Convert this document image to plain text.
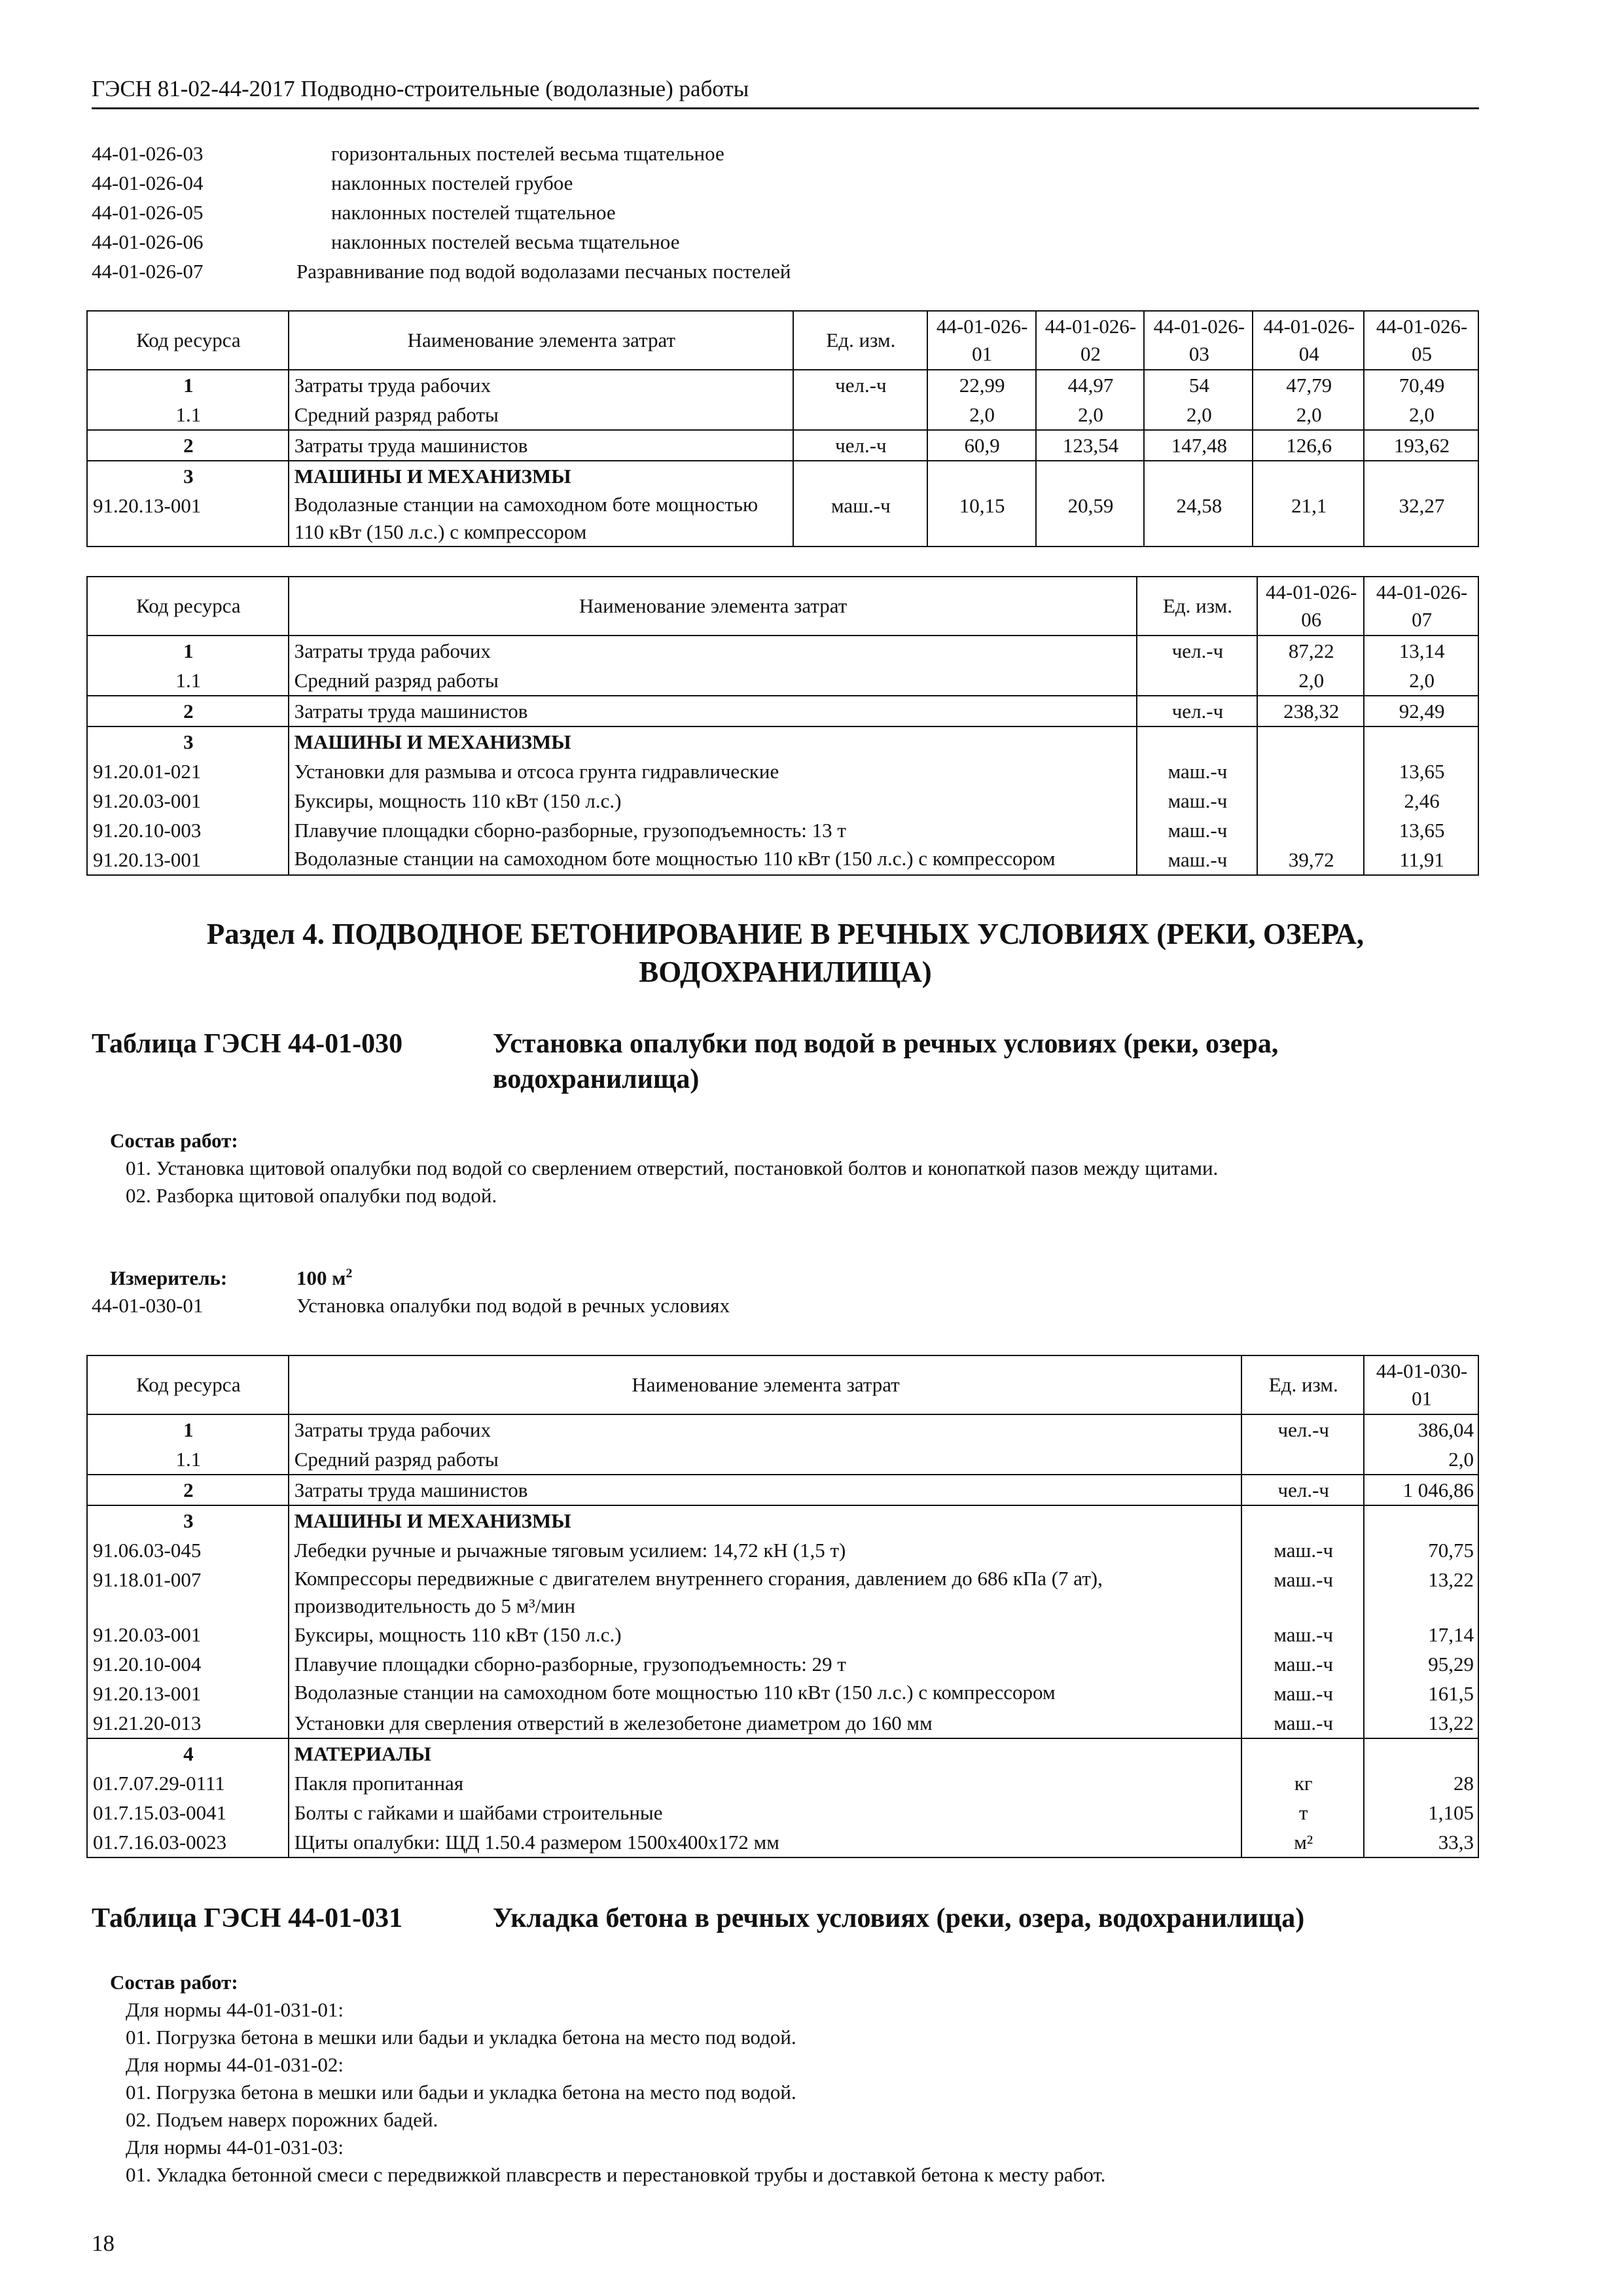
ГЭСН 81-02-44-2017 Подводно-строительные (водолазные) работы
44-01-026-03	горизонтальных постелей весьма тщательное
44-01-026-04	наклонных постелей грубое
44-01-026-05	наклонных постелей тщательное
44-01-026-06	наклонных постелей весьма тщательное
44-01-026-07	Разравнивание под водой водолазами песчаных постелей
Код ресурса	Наименование элемента затрат	Ед. изм.	44-01-026-01	44-01-026-02	44-01-026-03	44-01-026-04	44-01-026-05
1	Затраты труда рабочих	чел.-ч	22,99	44,97	54	47,79	70,49
1.1	Средний разряд работы		2,0	2,0	2,0	2,0	2,0
2	Затраты труда машинистов	чел.-ч	60,9	123,54	147,48	126,6	193,62
3	МАШИНЫ И МЕХАНИЗМЫ						
91.20.13-001	Водолазные станции на самоходном боте мощностью 110 кВт (150 л.с.) с компрессором	маш.-ч	10,15	20,59	24,58	21,1	32,27
Код ресурса	Наименование элемента затрат	Ед. изм.	44-01-026-06	44-01-026-07
1	Затраты труда рабочих	чел.-ч	87,22	13,14
1.1	Средний разряд работы		2,0	2,0
2	Затраты труда машинистов	чел.-ч	238,32	92,49
3	МАШИНЫ И МЕХАНИЗМЫ			
91.20.01-021	Установки для размыва и отсоса грунта гидравлические	маш.-ч		13,65
91.20.03-001	Буксиры, мощность 110 кВт (150 л.с.)	маш.-ч		2,46
91.20.10-003	Плавучие площадки сборно-разборные, грузоподъемность: 13 т	маш.-ч		13,65
91.20.13-001	Водолазные станции на самоходном боте мощностью 110 кВт (150 л.с.) с компрессором	маш.-ч	39,72	11,91
Раздел 4. ПОДВОДНОЕ БЕТОНИРОВАНИЕ В РЕЧНЫХ УСЛОВИЯХ (РЕКИ, ОЗЕРА, ВОДОХРАНИЛИЩА)
Таблица ГЭСН 44-01-030	Установка опалубки под водой в речных условиях (реки, озера, водохранилища)
Состав работ:
01. Установка щитовой опалубки под водой со сверлением отверстий, постановкой болтов и конопаткой пазов между щитами.
02. Разборка щитовой опалубки под водой.
Измеритель:	100 $м^2$
44-01-030-01	Установка опалубки под водой в речных условиях
Код ресурса	Наименование элемента затрат	Ед. изм.	44-01-030-01
1	Затраты труда рабочих	чел.-ч	386,04
1.1	Средний разряд работы		2,0
2	Затраты труда машинистов	чел.-ч	1 046,86
3	МАШИНЫ И МЕХАНИЗМЫ		
91.06.03-045	Лебедки ручные и рычажные тяговым усилием: 14,72 кН (1,5 т)	маш.-ч	70,75
91.18.01-007	Компрессоры передвижные с двигателем внутреннего сгорания, давлением до 686 кПа (7 ат), производительность до 5 м³/мин	маш.-ч	13,22
91.20.03-001	Буксиры, мощность 110 кВт (150 л.с.)	маш.-ч	17,14
91.20.10-004	Плавучие площадки сборно-разборные, грузоподъемность: 29 т	маш.-ч	95,29
91.20.13-001	Водолазные станции на самоходном боте мощностью 110 кВт (150 л.с.) с компрессором	маш.-ч	161,5
91.21.20-013	Установки для сверления отверстий в железобетоне диаметром до 160 мм	маш.-ч	13,22
4	МАТЕРИАЛЫ		
01.7.07.29-0111	Пакля пропитанная	кг	28
01.7.15.03-0041	Болты с гайками и шайбами строительные	т	1,105
01.7.16.03-0023	Щиты опалубки: ЩД 1.50.4 размером 1500х400х172 мм	м²	33,3
Таблица ГЭСН 44-01-031	Укладка бетона в речных условиях (реки, озера, водохранилища)
Состав работ:
Для нормы 44-01-031-01:
01. Погрузка бетона в мешки или бадьи и укладка бетона на место под водой.
Для нормы 44-01-031-02:
01. Погрузка бетона в мешки или бадьи и укладка бетона на место под водой.
02. Подъем наверх порожних бадей.
Для нормы 44-01-031-03:
01. Укладка бетонной смеси с передвижкой плавсреств и перестановкой трубы и доставкой бетона к месту работ.
18
